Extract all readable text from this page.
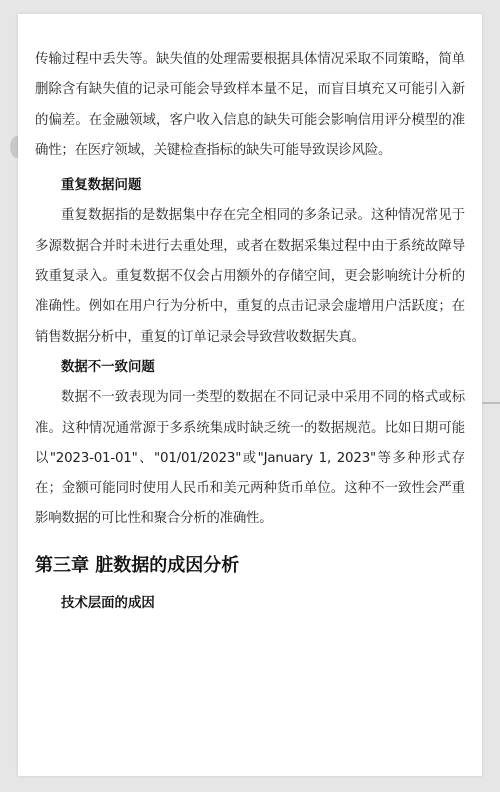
传输过程中丢失等。缺失值的处理需要根据具体情况采取不同策略，简单删除含有缺失值的记录可能会导致样本量不足，而盲目填充又可能引入新的偏差。在金融领域，客户收入信息的缺失可能会影响信用评分模型的准确性；在医疗领域，关键检查指标的缺失可能导致误诊风险。

重复数据问题

重复数据指的是数据集中存在完全相同的多条记录。这种情况常见于多源数据合并时未进行去重处理，或者在数据采集过程中由于系统故障导致重复录入。重复数据不仅会占用额外的存储空间，更会影响统计分析的准确性。例如在用户行为分析中，重复的点击记录会虚增用户活跃度；在销售数据分析中，重复的订单记录会导致营收数据失真。

数据不一致问题

数据不一致表现为同一类型的数据在不同记录中采用不同的格式或标准。这种情况通常源于多系统集成时缺乏统一的数据规范。比如日期可能以"2023-01-01"、"01/01/2023"或"January 1, 2023"等多种形式存在；金额可能同时使用人民币和美元两种货币单位。这种不一致性会严重影响数据的可比性和聚合分析的准确性。

第三章 脏数据的成因分析

技术层面的成因
